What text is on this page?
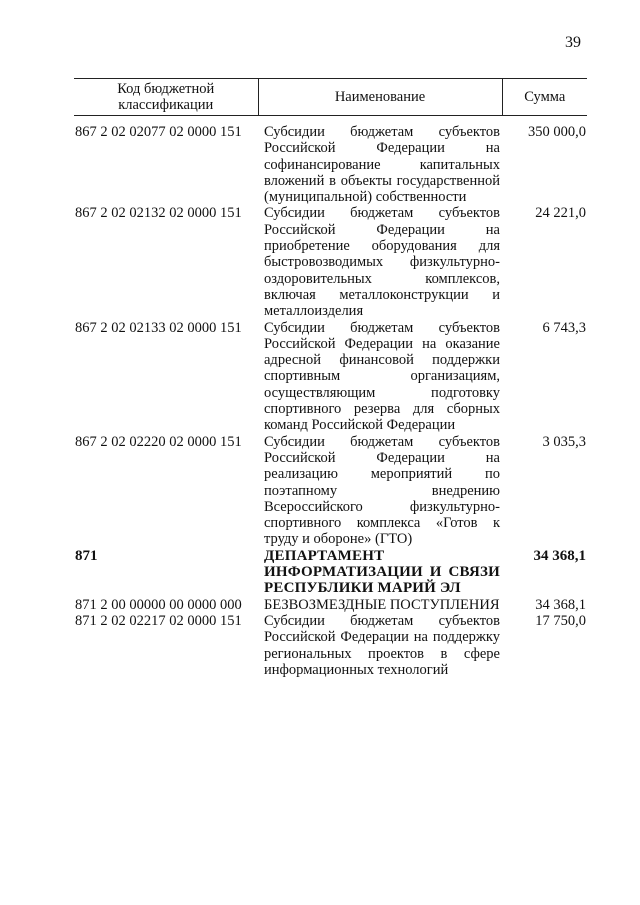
39
Код бюджетной классификации	Наименование	Сумма
867 2 02 02077 02 0000 151	Субсидии бюджетам субъектов Российской Федерации на софинансирование капитальных вложений в объекты государственной (муниципальной) собственности	350 000,0
867 2 02 02132 02 0000 151	Субсидии бюджетам субъектов Российской Федерации на приобретение оборудования для быстровозводимых физкультурно-оздоровительных комплексов, включая металлоконструкции и металлоизделия	24 221,0
867 2 02 02133 02 0000 151	Субсидии бюджетам субъектов Российской Федерации на оказание адресной финансовой поддержки спортивным организациям, осуществляющим подготовку спортивного резерва для сборных команд Российской Федерации	6 743,3
867 2 02 02220 02 0000 151	Субсидии бюджетам субъектов Российской Федерации на реализацию мероприятий по поэтапному внедрению Всероссийского физкультурно-спортивного комплекса «Готов к труду и обороне» (ГТО)	3 035,3
871	ДЕПАРТАМЕНТ ИНФОРМАТИЗАЦИИ И СВЯЗИ РЕСПУБЛИКИ МАРИЙ ЭЛ	34 368,1
871 2 00 00000 00 0000 000	БЕЗВОЗМЕЗДНЫЕ ПОСТУПЛЕНИЯ	34 368,1
871 2 02 02217 02 0000 151	Субсидии бюджетам субъектов Российской Федерации на поддержку региональных проектов в сфере информационных технологий	17 750,0
